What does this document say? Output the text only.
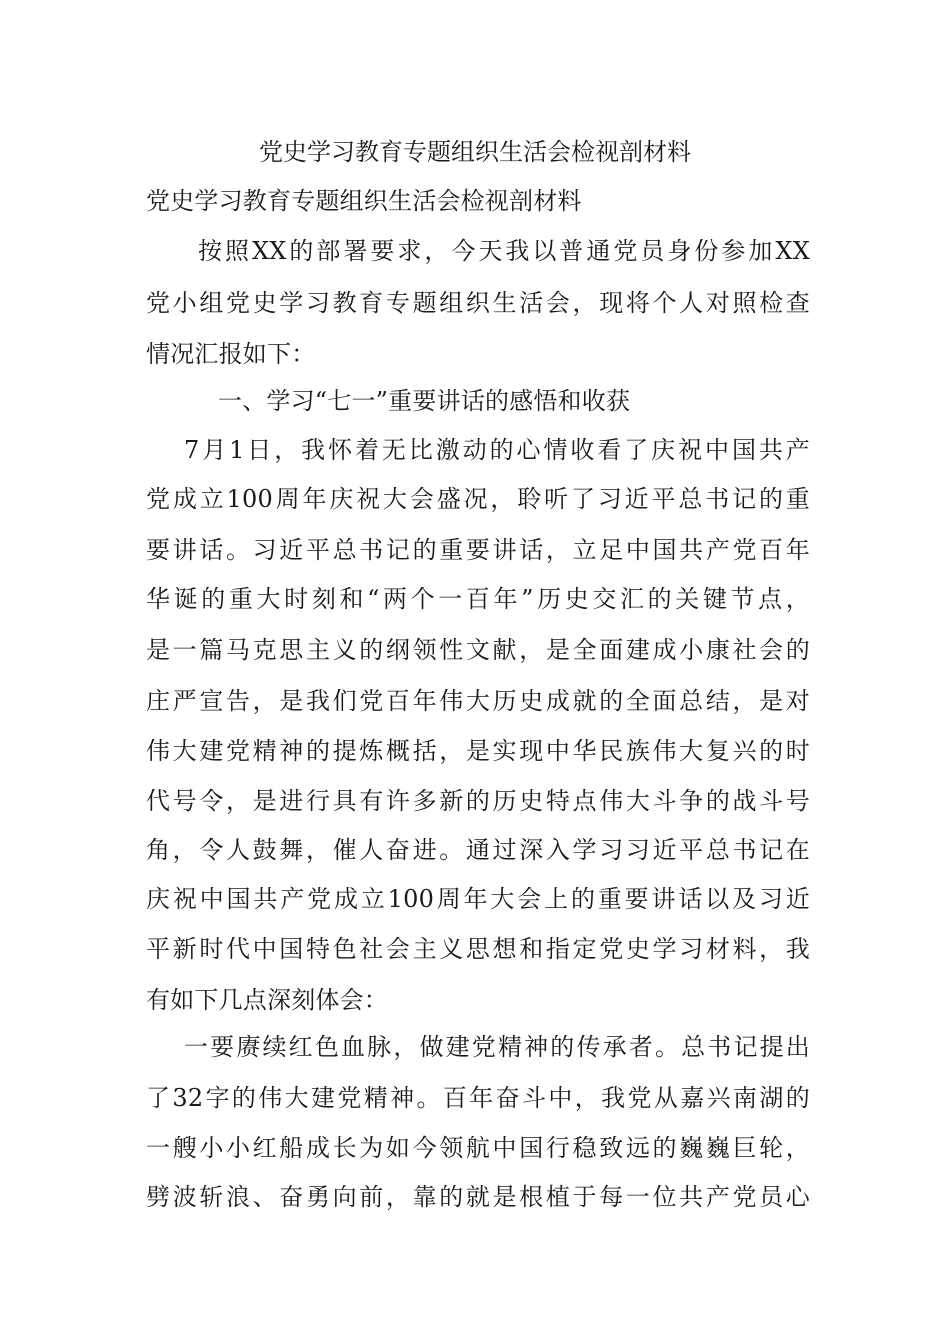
党史学习教育专题组织生活会检视剖材料
党史学习教育专题组织生活会检视剖材料
按照XX的部署要求，今天我以普通党员身份参加XX
党小组党史学习教育专题组织生活会，现将个人对照检查
情况汇报如下：
一、学习“七一”重要讲话的感悟和收获
7月1日，我怀着无比激动的心情收看了庆祝中国共产
党成立100周年庆祝大会盛况，聆听了习近平总书记的重
要讲话。习近平总书记的重要讲话，立足中国共产党百年
华诞的重大时刻和“两个一百年”历史交汇的关键节点，
是一篇马克思主义的纲领性文献，是全面建成小康社会的
庄严宣告，是我们党百年伟大历史成就的全面总结，是对
伟大建党精神的提炼概括，是实现中华民族伟大复兴的时
代号令，是进行具有许多新的历史特点伟大斗争的战斗号
角，令人鼓舞，催人奋进。通过深入学习习近平总书记在
庆祝中国共产党成立100周年大会上的重要讲话以及习近
平新时代中国特色社会主义思想和指定党史学习材料，我
有如下几点深刻体会：
一要赓续红色血脉，做建党精神的传承者。总书记提出
了32字的伟大建党精神。百年奋斗中，我党从嘉兴南湖的
一艘小小红船成长为如今领航中国行稳致远的巍巍巨轮，
劈波斩浪、奋勇向前，靠的就是根植于每一位共产党员心
